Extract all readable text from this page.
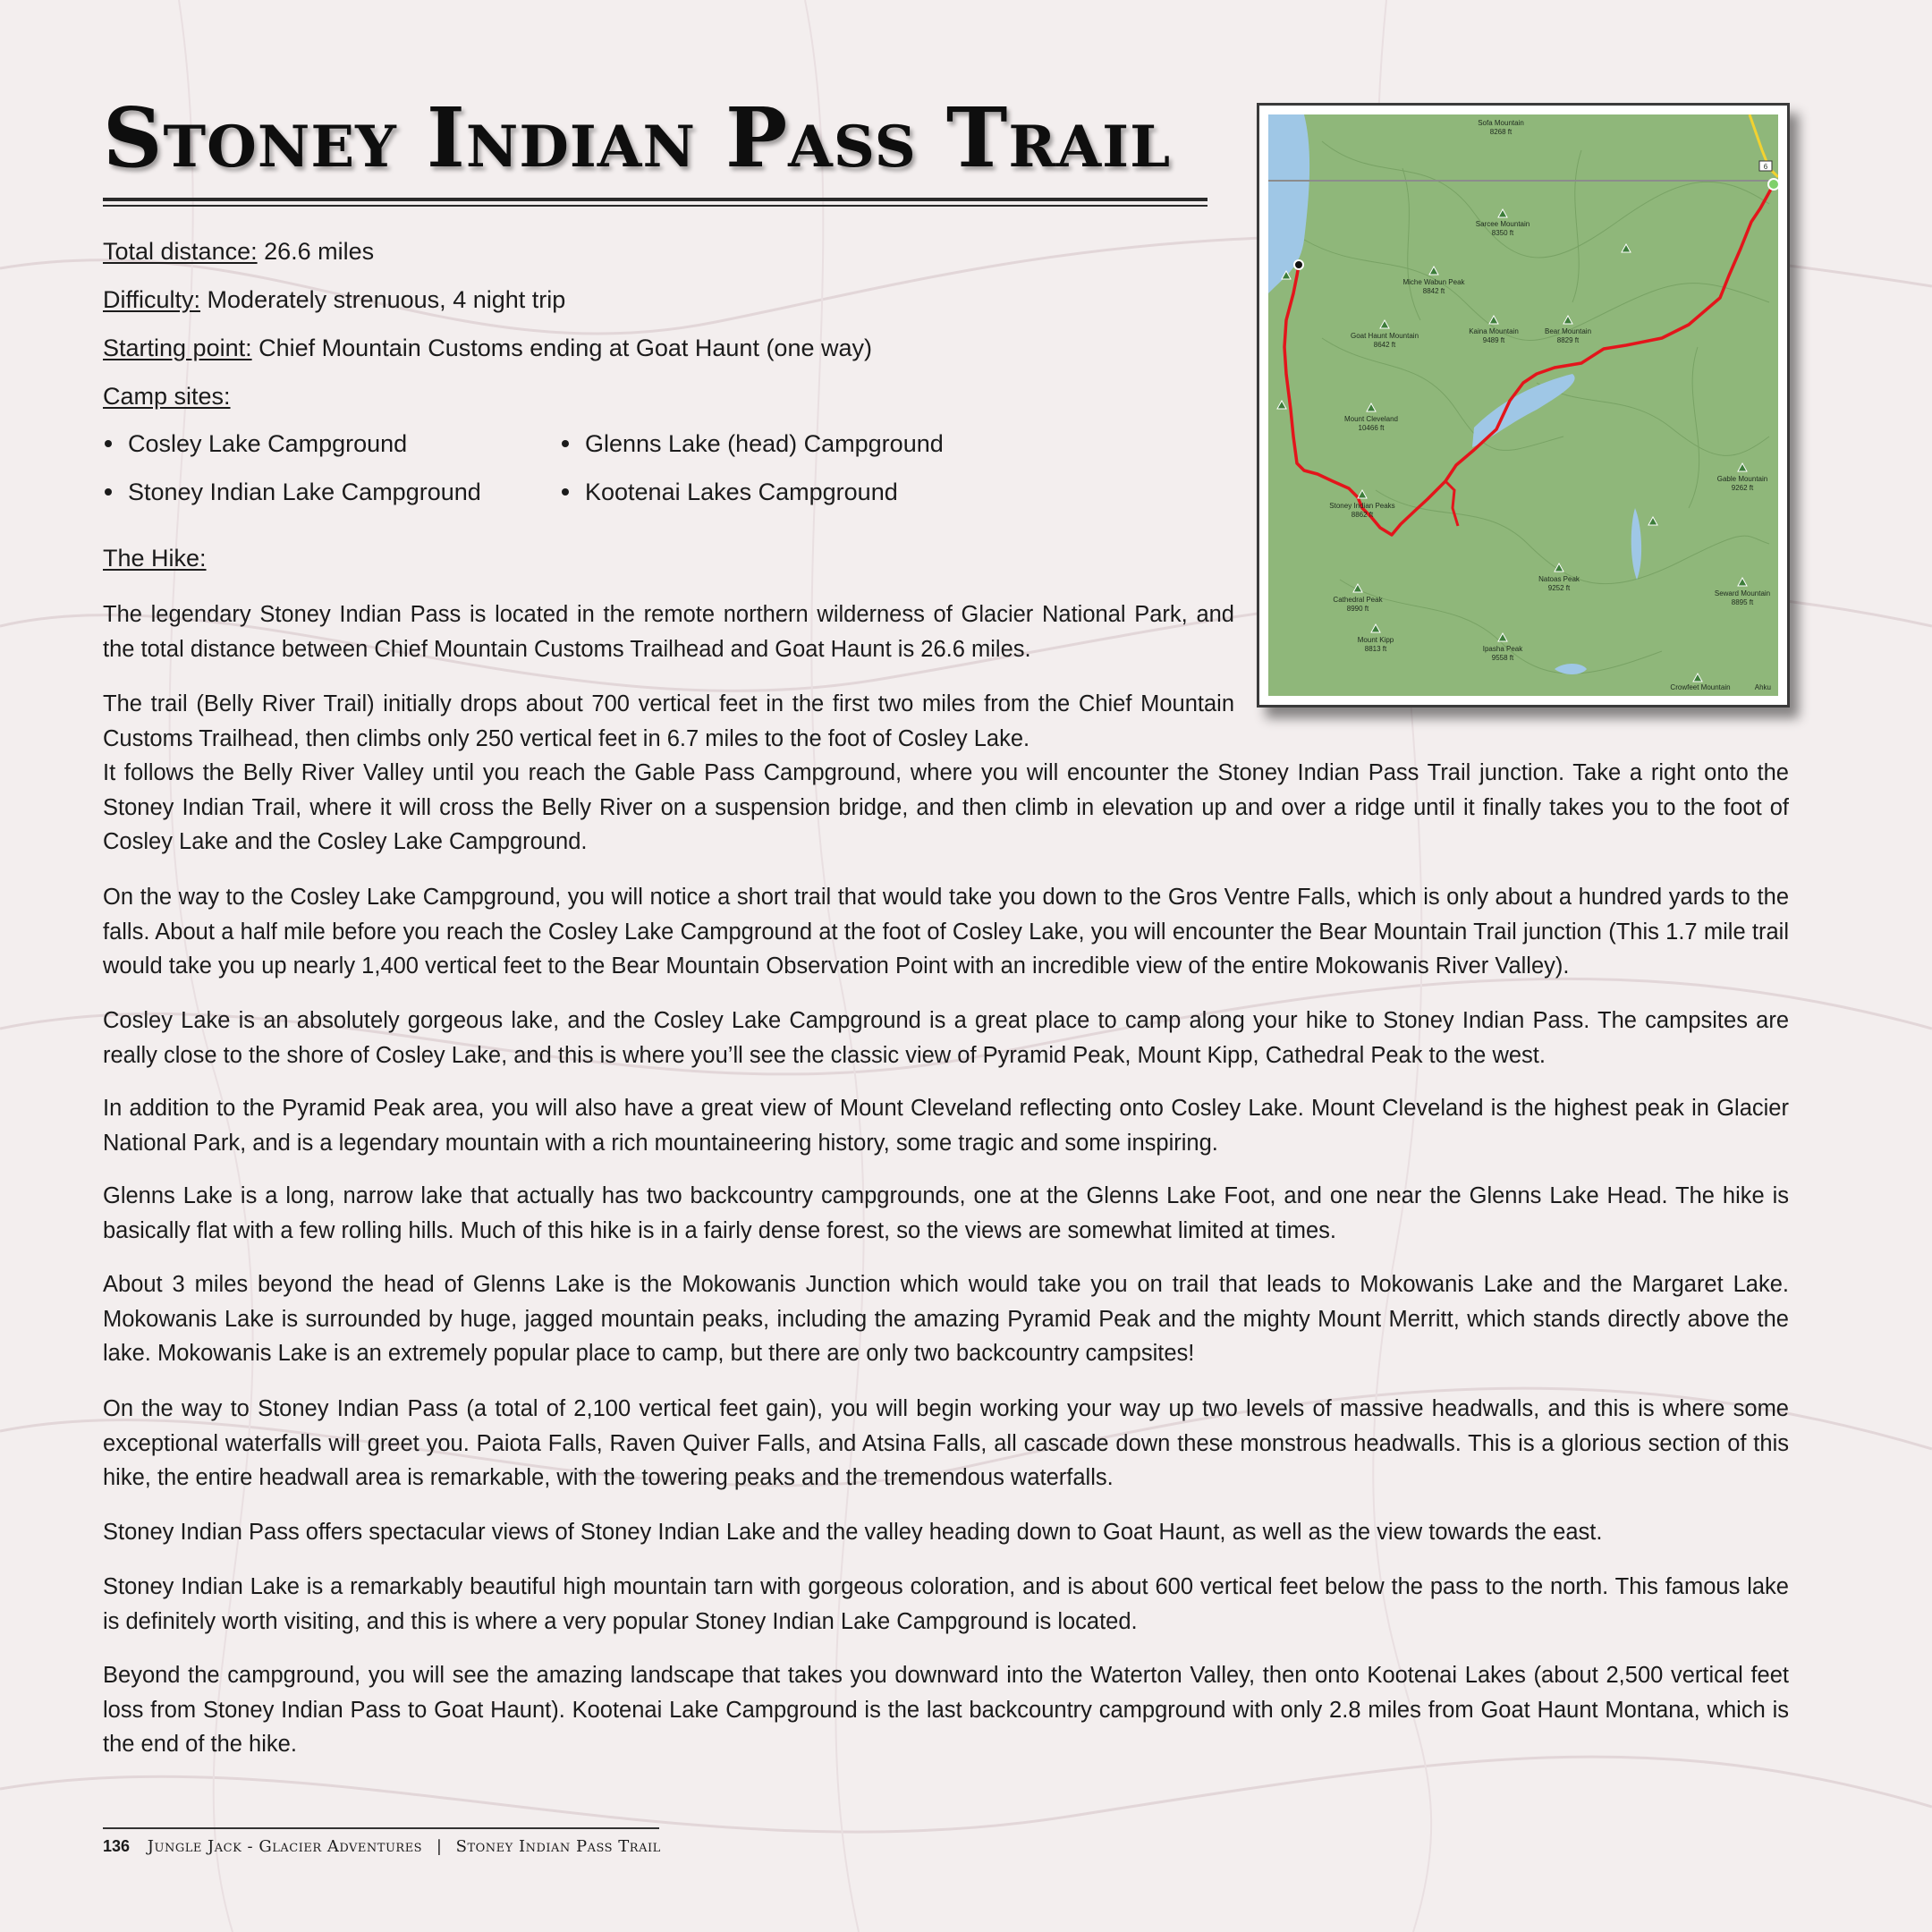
Stoney Indian Pass Trail
Total distance: 26.6 miles
Difficulty: Moderately strenuous, 4 night trip
Starting point: Chief Mountain Customs ending at Goat Haunt (one way)
Camp sites:
Cosley Lake Campground
Stoney Indian Lake Campground
Glenns Lake (head) Campground
Kootenai Lakes Campground
The Hike:

The legendary Stoney Indian Pass is located in the remote northern wilderness of Glacier National Park, and the total distance between Chief Mountain Customs Trailhead and Goat Haunt is 26.6 miles.

The trail (Belly River Trail) initially drops about 700 vertical feet in the first two miles from the Chief Mountain Customs Trailhead, then climbs only 250 vertical feet in 6.7 miles to the foot of Cosley Lake.

It follows the Belly River Valley until you reach the Gable Pass Campground, where you will encounter the Stoney Indian Pass Trail junction. Take a right onto the Stoney Indian Trail, where it will cross the Belly River on a suspension bridge, and then climb in elevation up and over a ridge until it finally takes you to the foot of Cosley Lake and the Cosley Lake Campground.

On the way to the Cosley Lake Campground, you will notice a short trail that would take you down to the Gros Ventre Falls, which is only about a hundred yards to the falls. About a half mile before you reach the Cosley Lake Campground at the foot of Cosley Lake, you will encounter the Bear Mountain Trail junction (This 1.7 mile trail would take you up nearly 1,400 vertical feet to the Bear Mountain Observation Point with an incredible view of the entire Mokowanis River Valley).

Cosley Lake is an absolutely gorgeous lake, and the Cosley Lake Campground is a great place to camp along your hike to Stoney Indian Pass. The campsites are really close to the shore of Cosley Lake, and this is where you’ll see the classic view of Pyramid Peak, Mount Kipp, Cathedral Peak to the west.

In addition to the Pyramid Peak area, you will also have a great view of Mount Cleveland reflecting onto Cosley Lake. Mount Cleveland is the highest peak in Glacier National Park, and is a legendary mountain with a rich mountaineering history, some tragic and some inspiring.

Glenns Lake is a long, narrow lake that actually has two backcountry campgrounds, one at the Glenns Lake Foot, and one near the Glenns Lake Head. The hike is basically flat with a few rolling hills. Much of this hike is in a fairly dense forest, so the views are somewhat limited at times.

About 3 miles beyond the head of Glenns Lake is the Mokowanis Junction which would take you on trail that leads to Mokowanis Lake and the Margaret Lake. Mokowanis Lake is surrounded by huge, jagged mountain peaks, including the amazing Pyramid Peak and the mighty Mount Merritt, which stands directly above the lake. Mokowanis Lake is an extremely popular place to camp, but there are only two backcountry campsites!

On the way to Stoney Indian Pass (a total of 2,100 vertical feet gain), you will begin working your way up two levels of massive headwalls, and this is where some exceptional waterfalls will greet you. Paiota Falls, Raven Quiver Falls, and Atsina Falls, all cascade down these monstrous headwalls. This is a glorious section of this hike, the entire headwall area is remarkable, with the towering peaks and the tremendous waterfalls.

Stoney Indian Pass offers spectacular views of Stoney Indian Lake and the valley heading down to Goat Haunt, as well as the view towards the east.

Stoney Indian Lake is a remarkably beautiful high mountain tarn with gorgeous coloration, and is about 600 vertical feet below the pass to the north. This famous lake is definitely worth visiting, and this is where a very popular Stoney Indian Lake Campground is located.

Beyond the campground, you will see the amazing landscape that takes you downward into the Waterton Valley, then onto Kootenai Lakes (about 2,500 vertical feet loss from Stoney Indian Pass to Goat Haunt). Kootenai Lake Campground is the last backcountry campground with only 2.8 miles from Goat Haunt Montana, which is the end of the hike.

6
Sofa Mountain
8268 ft
Sarcee Mountain
8350 ft
Miche Wabun Peak
8842 ft
Goat Haunt Mountain
8642 ft
Kaina Mountain
9489 ft
Bear Mountain
8829 ft
Mount Cleveland
10466 ft
Stoney Indian Peaks
8862 ft
Gable Mountain
9262 ft
Natoas Peak
9252 ft
Cathedral Peak
8990 ft
Seward Mountain
8895 ft
Mount Kipp
8813 ft	Ipasha Peak
9558 ft
Crowfeet Mountain	Ahku
136 Jungle Jack - Glacier Adventures | Stoney Indian Pass Trail
